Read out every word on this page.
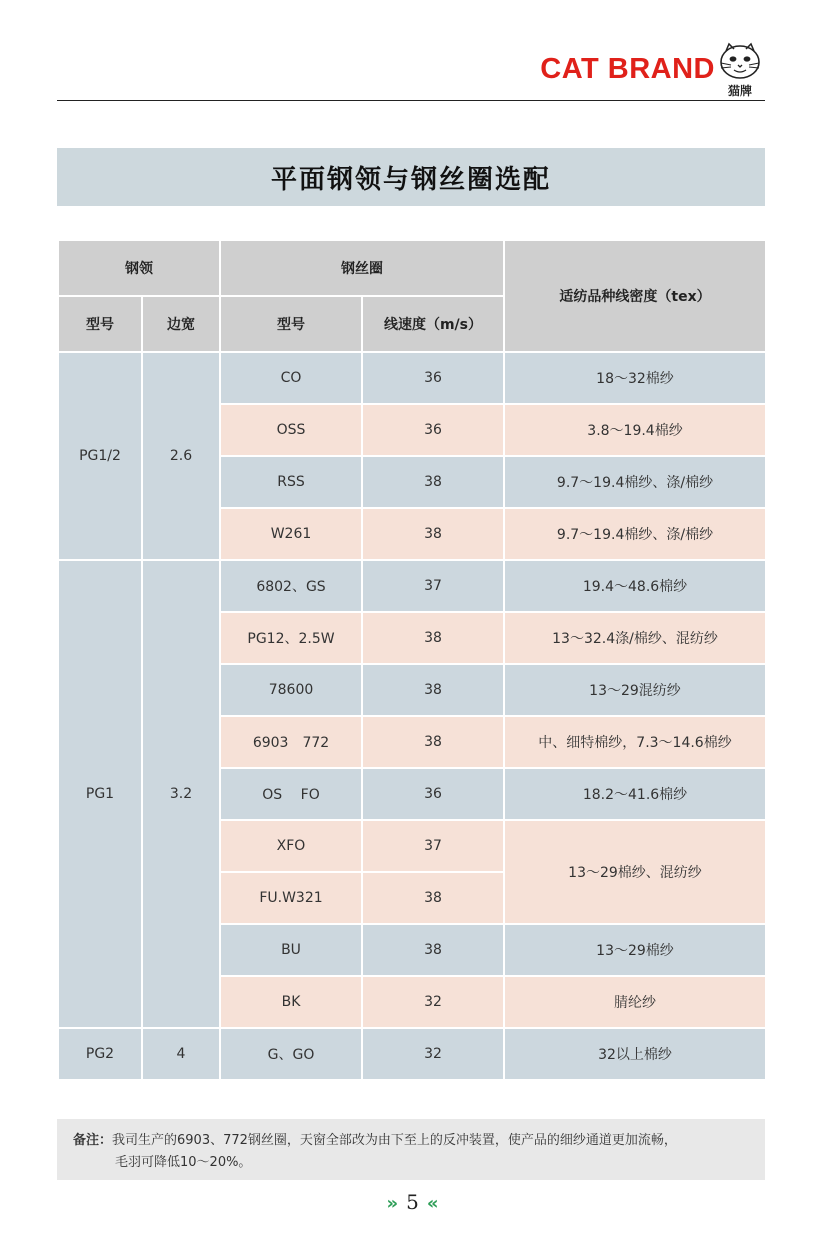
CAT BRAND
猫牌
平面钢领与钢丝圈选配
钢领		钢丝圈		适纺品种线密度（tex）
型号	边宽	型号	线速度（m/s）	
PG1/2	2.6	CO	36	18～32棉纱
		OSS	36	3.8～19.4棉纱
		RSS	38	9.7～19.4棉纱、涤/棉纱
		W261	38	9.7～19.4棉纱、涤/棉纱
PG1	3.2	6802、GS	37	19.4～48.6棉纱
		PG12、2.5W	38	13～32.4涤/棉纱、混纺纱
		78600	38	13～29混纺纱
		6903　772	38	中、细特棉纱，7.3～14.6棉纱
		OS　 FO	36	18.2～41.6棉纱
		XFO	37	13～29棉纱、混纺纱
		FU.W321	38	
		BU	38	13～29棉纱
		BK	32	腈纶纱
PG2	4	G、GO	32	32以上棉纱
备注：我司生产的6903、772钢丝圈，天窗全部改为由下至上的反冲装置，使产品的细纱通道更加流畅，
毛羽可降低10～20%。
» 5 «
